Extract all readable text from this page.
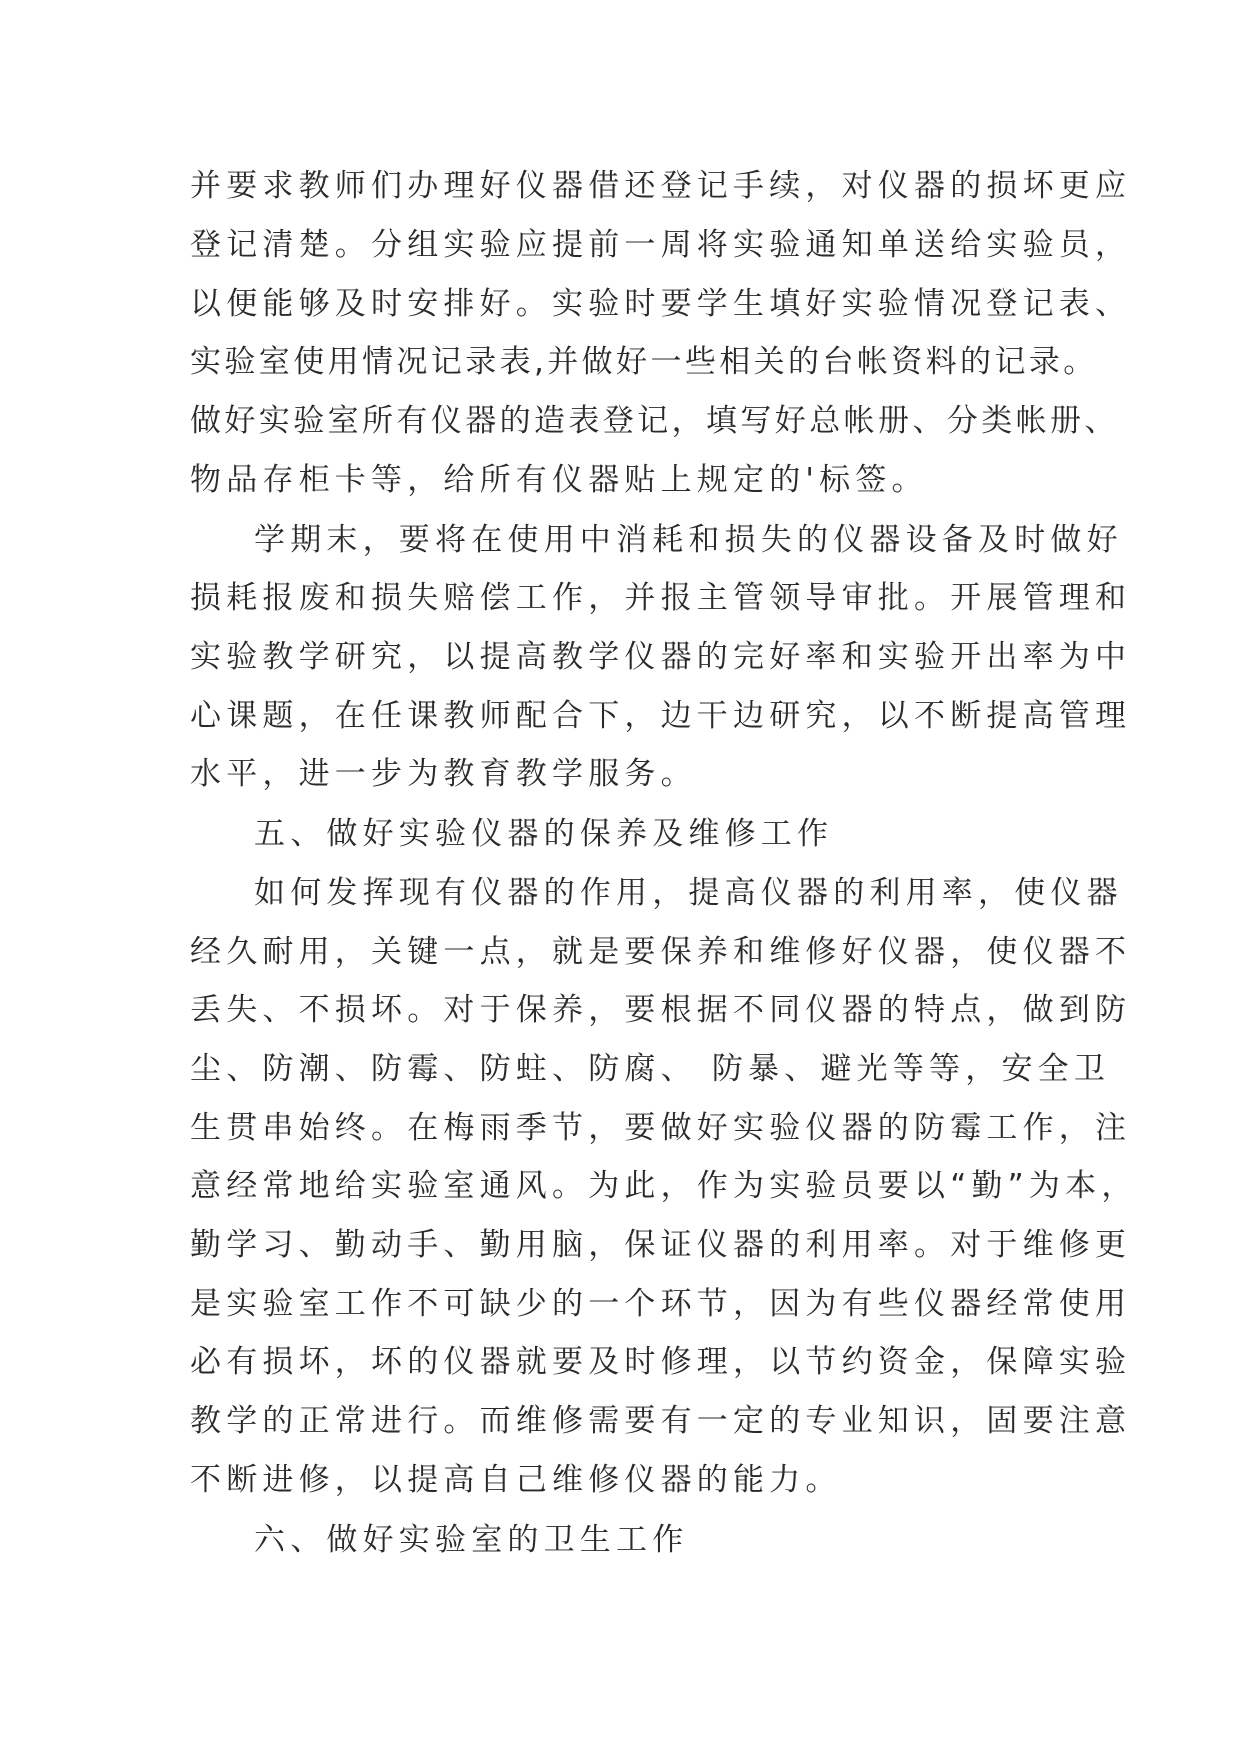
并要求教师们办理好仪器借还登记手续，对仪器的损坏更应
登记清楚。分组实验应提前一周将实验通知单送给实验员，
以便能够及时安排好。实验时要学生填好实验情况登记表、
实验室使用情况记录表,并做好一些相关的台帐资料的记录。
做好实验室所有仪器的造表登记，填写好总帐册、分类帐册、
物品存柜卡等，给所有仪器贴上规定的'标签。
学期末，要将在使用中消耗和损失的仪器设备及时做好
损耗报废和损失赔偿工作，并报主管领导审批。开展管理和
实验教学研究，以提高教学仪器的完好率和实验开出率为中
心课题，在任课教师配合下，边干边研究，以不断提高管理
水平，进一步为教育教学服务。
五、做好实验仪器的保养及维修工作
如何发挥现有仪器的作用，提高仪器的利用率，使仪器
经久耐用，关键一点，就是要保养和维修好仪器，使仪器不
丢失、不损坏。对于保养，要根据不同仪器的特点，做到防
尘、防潮、防霉、防蛀、防腐、 防暴、避光等等，安全卫
生贯串始终。在梅雨季节，要做好实验仪器的防霉工作，注
意经常地给实验室通风。为此，作为实验员要以“勤”为本，
勤学习、勤动手、勤用脑，保证仪器的利用率。对于维修更
是实验室工作不可缺少的一个环节，因为有些仪器经常使用
必有损坏，坏的仪器就要及时修理，以节约资金，保障实验
教学的正常进行。而维修需要有一定的专业知识，固要注意
不断进修，以提高自己维修仪器的能力。
六、做好实验室的卫生工作
